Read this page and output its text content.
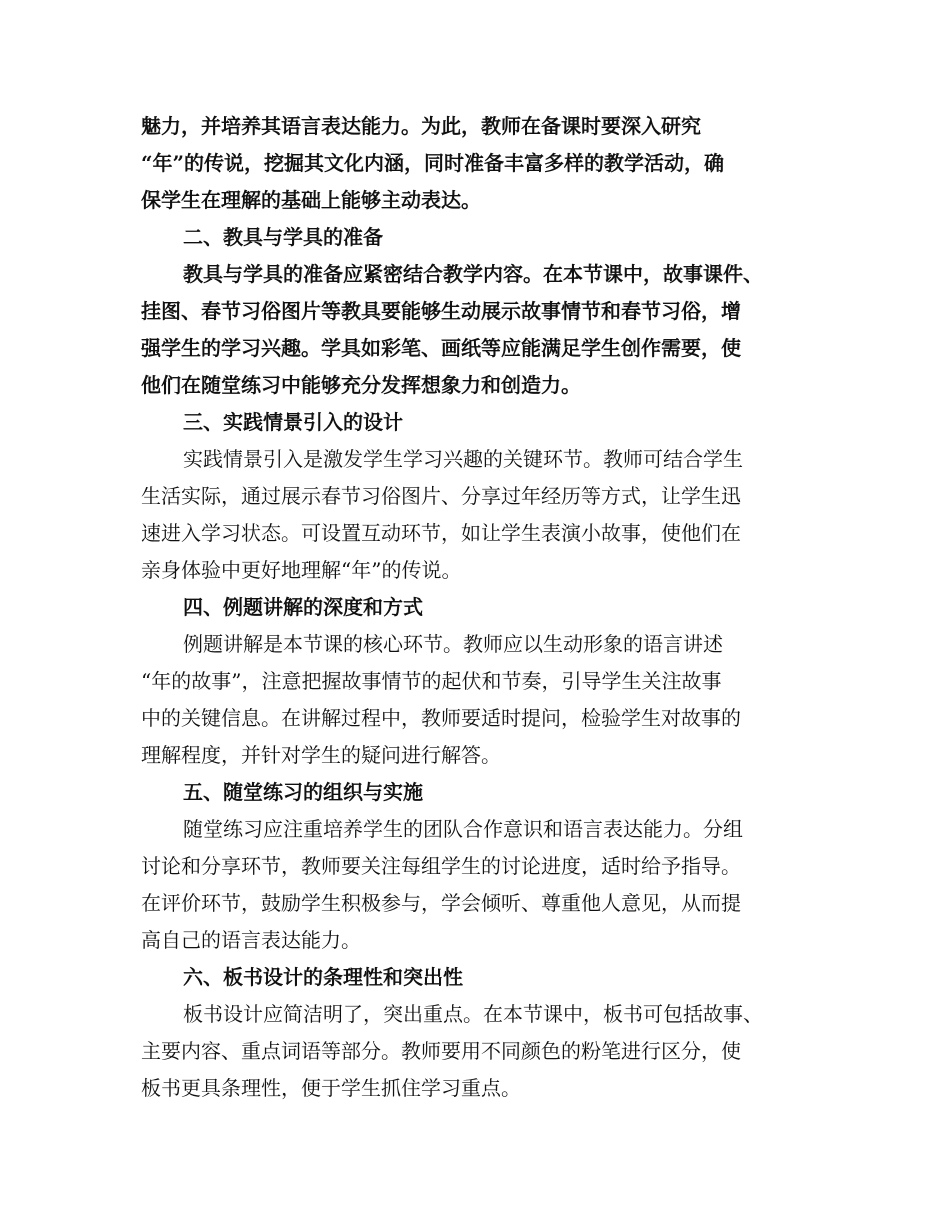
魅力，并培养其语言表达能力。为此，教师在备课时要深入研究
“年”的传说，挖掘其文化内涵，同时准备丰富多样的教学活动，确
保学生在理解的基础上能够主动表达。

二、教具与学具的准备

教具与学具的准备应紧密结合教学内容。在本节课中，故事课件、
挂图、春节习俗图片等教具要能够生动展示故事情节和春节习俗，增
强学生的学习兴趣。学具如彩笔、画纸等应能满足学生创作需要，使
他们在随堂练习中能够充分发挥想象力和创造力。

三、实践情景引入的设计

实践情景引入是激发学生学习兴趣的关键环节。教师可结合学生
生活实际，通过展示春节习俗图片、分享过年经历等方式，让学生迅
速进入学习状态。可设置互动环节，如让学生表演小故事，使他们在
亲身体验中更好地理解“年”的传说。

四、例题讲解的深度和方式

例题讲解是本节课的核心环节。教师应以生动形象的语言讲述
“年的故事”，注意把握故事情节的起伏和节奏，引导学生关注故事
中的关键信息。在讲解过程中，教师要适时提问，检验学生对故事的
理解程度，并针对学生的疑问进行解答。

五、随堂练习的组织与实施

随堂练习应注重培养学生的团队合作意识和语言表达能力。分组
讨论和分享环节，教师要关注每组学生的讨论进度，适时给予指导。
在评价环节，鼓励学生积极参与，学会倾听、尊重他人意见，从而提
高自己的语言表达能力。

六、板书设计的条理性和突出性

板书设计应简洁明了，突出重点。在本节课中，板书可包括故事、
主要内容、重点词语等部分。教师要用不同颜色的粉笔进行区分，使
板书更具条理性，便于学生抓住学习重点。
